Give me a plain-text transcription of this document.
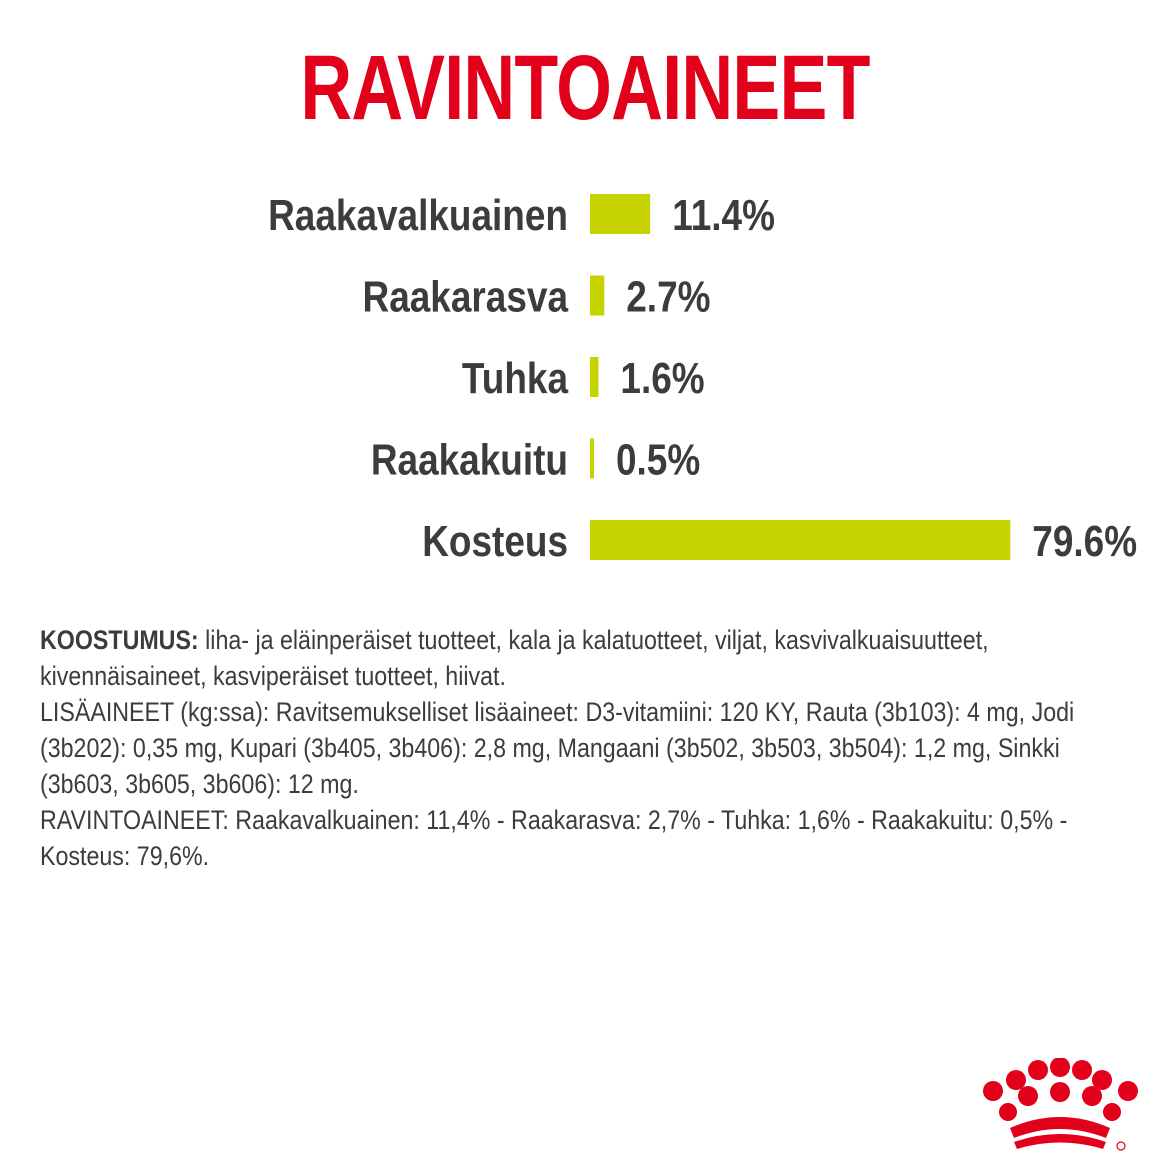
RAVINTOAINEET
Raakavalkuainen 11.4%
Raakarasva 2.7%
Tuhka 1.6%
Raakakuitu 0.5%
Kosteus	79.6%

KOOSTUMUS: liha- ja eläinperäiset tuotteet, kala ja kalatuotteet, viljat, kasvivalkuaisuutteet, kivennäisaineet, kasviperäiset tuotteet, hiivat.

LISÄAINEET (kg:ssa): Ravitsemukselliset lisäaineet: D3-vitamiini: 120 KY, Rauta (3b103): 4 mg, Jodi (3b202): 0,35 mg, Kupari (3b405, 3b406): 2,8 mg, Mangaani (3b502, 3b503, 3b504): 1,2 mg, Sinkki (3b603, 3b605, 3b606): 12 mg.

RAVINTOAINEET: Raakavalkuainen: 11,4% - Raakarasva: 2,7% - Tuhka: 1,6% - Raakakuitu: 0,5% - Kosteus: 79,6%.
